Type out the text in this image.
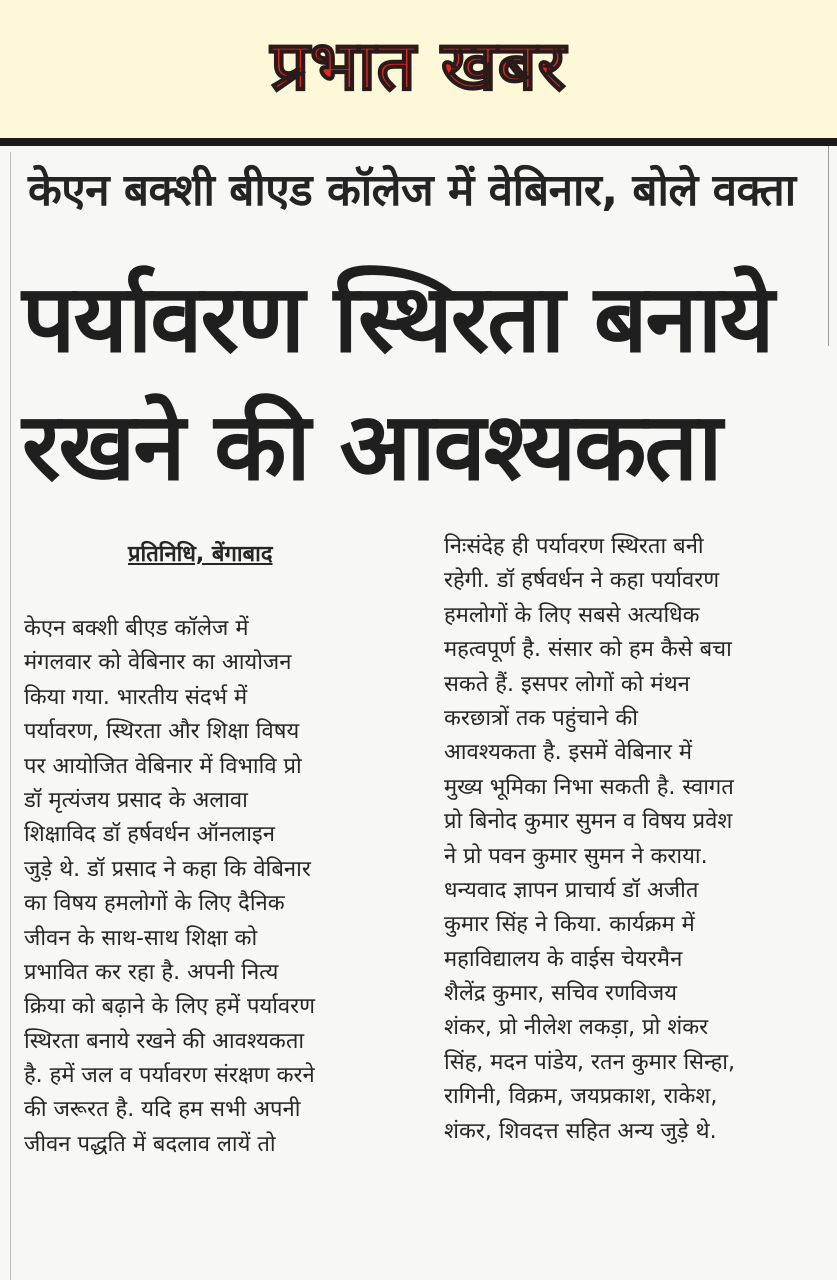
प्रभात खबर
केएन बक्शी बीएड कॉलेज में वेबिनार, बोले वक्ता
पर्यावरण स्थिरता बनाये
रखने की आवश्यकता
प्रतिनिधि, बेंगाबाद
केएन बक्शी बीएड कॉलेज में
मंगलवार को वेबिनार का आयोजन
किया गया. भारतीय संदर्भ में
पर्यावरण, स्थिरता और शिक्षा विषय
पर आयोजित वेबिनार में विभावि प्रो
डॉ मृत्यंजय प्रसाद के अलावा
शिक्षाविद डॉ हर्षवर्धन ऑनलाइन
जुड़े थे. डॉ प्रसाद ने कहा कि वेबिनार
का विषय हमलोगों के लिए दैनिक
जीवन के साथ-साथ शिक्षा को
प्रभावित कर रहा है. अपनी नित्य
क्रिया को बढ़ाने के लिए हमें पर्यावरण
स्थिरता बनाये रखने की आवश्यकता
है. हमें जल व पर्यावरण संरक्षण करने
की जरूरत है. यदि हम सभी अपनी
जीवन पद्धति में बदलाव लायें तो
निःसंदेह ही पर्यावरण स्थिरता बनी
रहेगी. डॉ हर्षवर्धन ने कहा पर्यावरण
हमलोगों के लिए सबसे अत्यधिक
महत्वपूर्ण है. संसार को हम कैसे बचा
सकते हैं. इसपर लोगों को मंथन
करछात्रों तक पहुंचाने की
आवश्यकता है. इसमें वेबिनार में
मुख्य भूमिका निभा सकती है. स्वागत
प्रो बिनोद कुमार सुमन व विषय प्रवेश
ने प्रो पवन कुमार सुमन ने कराया.
धन्यवाद ज्ञापन प्राचार्य डॉ अजीत
कुमार सिंह ने किया. कार्यक्रम में
महाविद्यालय के वाईस चेयरमैन
शैलेंद्र कुमार, सचिव रणविजय
शंकर, प्रो नीलेश लकड़ा, प्रो शंकर
सिंह, मदन पांडेय, रतन कुमार सिन्हा,
रागिनी, विक्रम, जयप्रकाश, राकेश,
शंकर, शिवदत्त सहित अन्य जुड़े थे.
